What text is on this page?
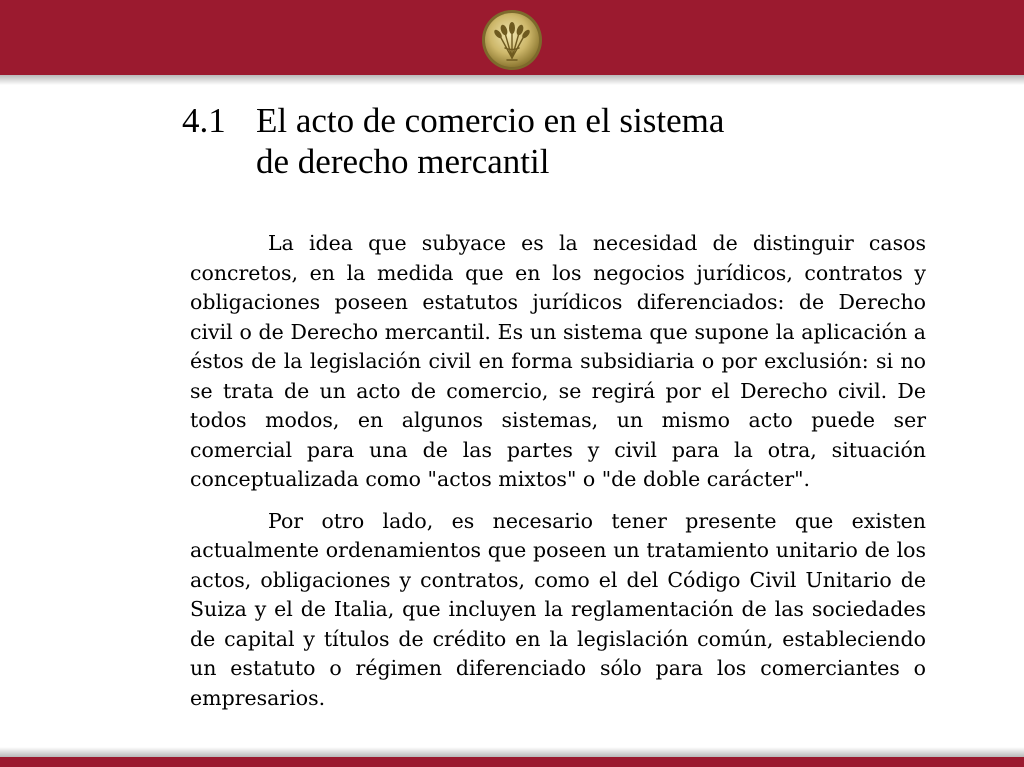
4.1 El acto de comercio en el sistema
de derecho mercantil

La idea que subyace es la necesidad de distinguir casos concretos, en la medida que en los negocios jurídicos, contratos y obligaciones poseen estatutos jurídicos diferenciados: de Derecho civil o de Derecho mercantil. Es un sistema que supone la aplicación a éstos de la legislación civil en forma subsidiaria o por exclusión: si no se trata de un acto de comercio, se regirá por el Derecho civil. De todos modos, en algunos sistemas, un mismo acto puede ser comercial para una de las partes y civil para la otra, situación conceptualizada como "actos mixtos" o "de doble carácter".

Por otro lado, es necesario tener presente que existen actualmente ordenamientos que poseen un tratamiento unitario de los actos, obligaciones y contratos, como el del Código Civil Unitario de Suiza y el de Italia, que incluyen la reglamentación de las sociedades de capital y títulos de crédito en la legislación común, estableciendo un estatuto o régimen diferenciado sólo para los comerciantes o empresarios.
